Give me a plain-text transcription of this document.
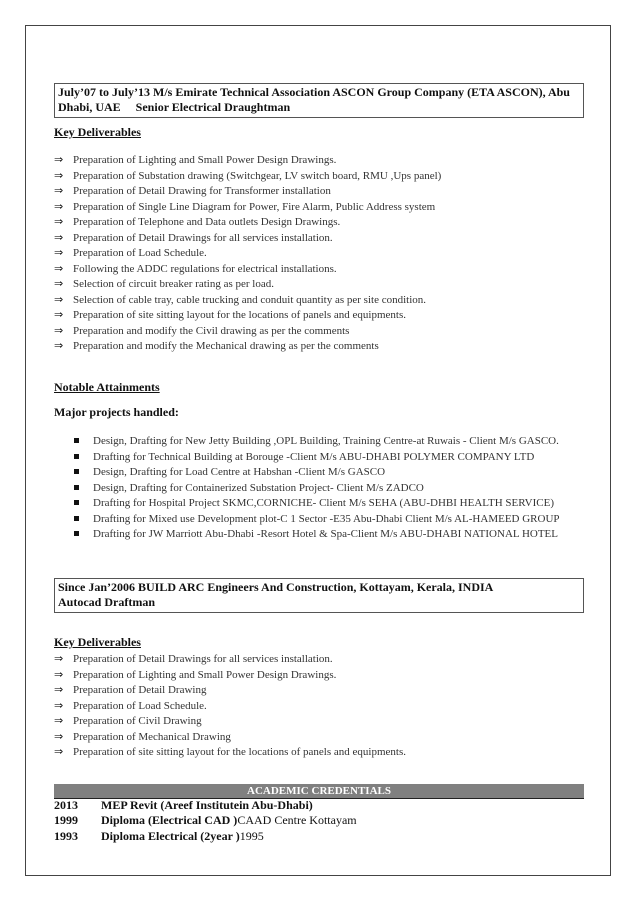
July’07 to July’13 M/s Emirate Technical Association ASCON Group Company (ETA ASCON), Abu
Dhabi, UAE     Senior Electrical Draughtman
Key Deliverables
⇒ Preparation of Lighting and Small Power Design Drawings.
⇒ Preparation of Substation drawing (Switchgear, LV switch board, RMU ,Ups panel)
⇒ Preparation of Detail Drawing for Transformer installation
⇒ Preparation of Single Line Diagram for Power, Fire Alarm, Public Address system
⇒ Preparation of Telephone and Data outlets Design Drawings.
⇒ Preparation of Detail Drawings for all services installation.
⇒ Preparation of Load Schedule.
⇒ Following the ADDC regulations for electrical installations.
⇒ Selection of circuit breaker rating as per load.
⇒ Selection of cable tray, cable trucking and conduit quantity as per site condition.
⇒ Preparation of site sitting layout for the locations of panels and equipments.
⇒ Preparation and modify the Civil drawing as per the comments
⇒ Preparation and modify the Mechanical drawing as per the comments
Notable Attainments
Major projects handled:
Design, Drafting for New Jetty Building ,OPL Building, Training Centre-at Ruwais - Client M/s GASCO.
Drafting for Technical Building at Borouge -Client M/s ABU-DHABI POLYMER COMPANY LTD
Design, Drafting for Load Centre at Habshan -Client M/s GASCO
Design, Drafting for Containerized Substation Project- Client M/s ZADCO
Drafting for Hospital Project SKMC,CORNICHE- Client M/s SEHA (ABU-DHBI HEALTH SERVICE)
Drafting for Mixed use Development plot-C 1 Sector -E35 Abu-Dhabi Client M/s AL-HAMEED GROUP
Drafting for JW Marriott Abu-Dhabi -Resort Hotel & Spa-Client M/s ABU-DHABI NATIONAL HOTEL
Since Jan’2006 BUILD ARC Engineers And Construction, Kottayam, Kerala, INDIA
Autocad Draftman
Key Deliverables
⇒ Preparation of Detail Drawings for all services installation.
⇒ Preparation of Lighting and Small Power Design Drawings.
⇒ Preparation of Detail Drawing
⇒ Preparation of Load Schedule.
⇒ Preparation of Civil Drawing
⇒ Preparation of Mechanical Drawing
⇒ Preparation of site sitting layout for the locations of panels and equipments.
ACADEMIC CREDENTIALS
2013 MEP Revit (Areef Institutein Abu-Dhabi)
1999 Diploma (Electrical CAD )CAAD Centre Kottayam
1993 Diploma Electrical (2year )1995
